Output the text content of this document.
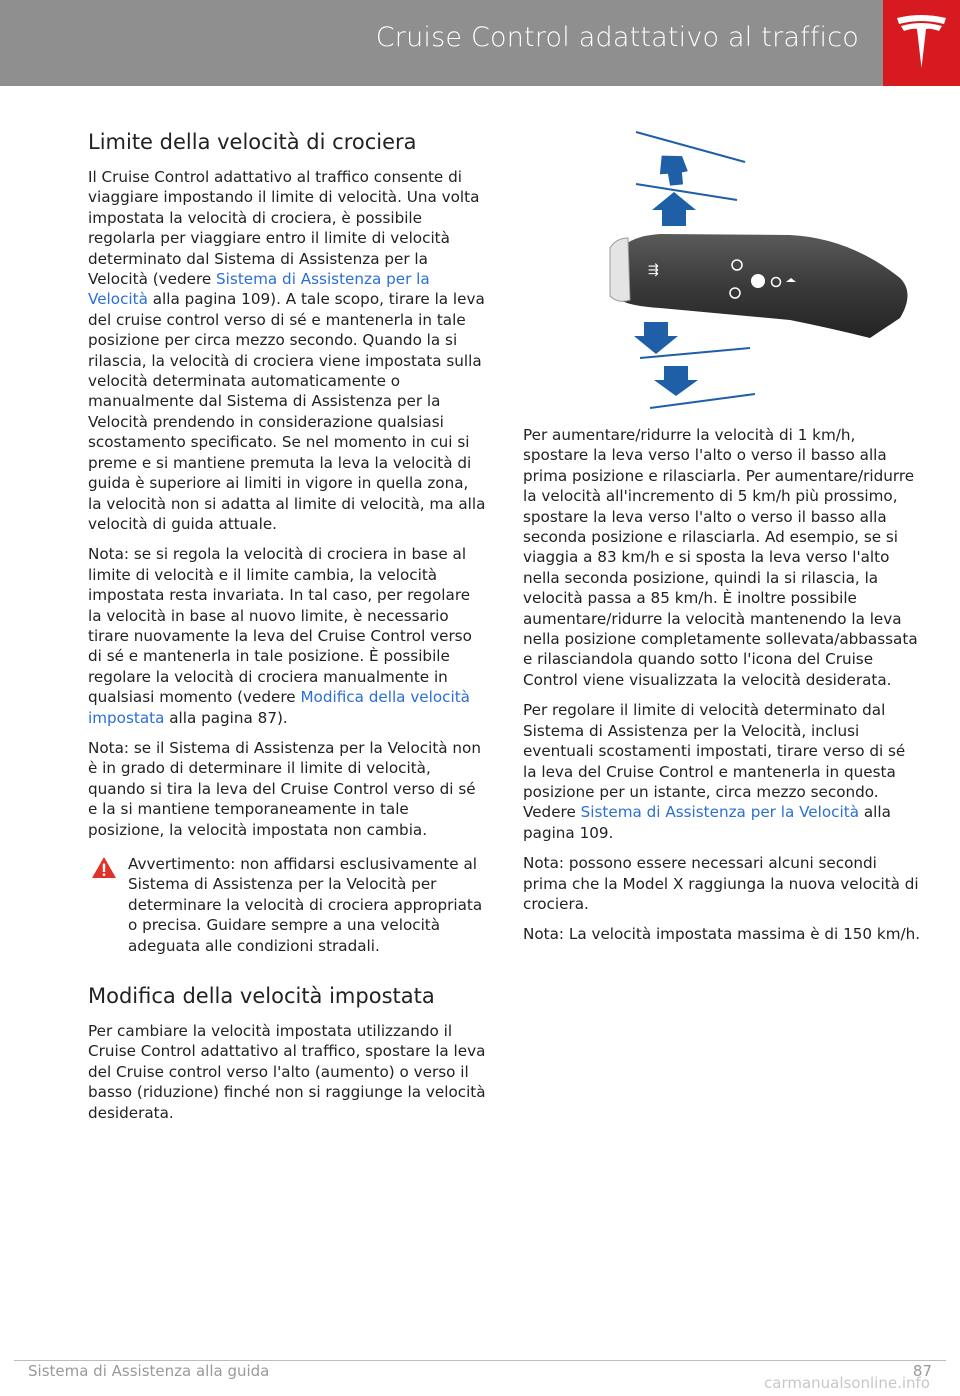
Cruise Control adattativo al traffico
Limite della velocità di crociera

Il Cruise Control adattativo al traffico consente di viaggiare impostando il limite di velocità. Una volta impostata la velocità di crociera, è possibile regolarla per viaggiare entro il limite di velocità determinato dal Sistema di Assistenza per la Velocità (vedere Sistema di Assistenza per la Velocità alla pagina 109). A tale scopo, tirare la leva del cruise control verso di sé e mantenerla in tale posizione per circa mezzo secondo. Quando la si rilascia, la velocità di crociera viene impostata sulla velocità determinata automaticamente o manualmente dal Sistema di Assistenza per la Velocità prendendo in considerazione qualsiasi scostamento specificato. Se nel momento in cui si preme e si mantiene premuta la leva la velocità di guida è superiore ai limiti in vigore in quella zona, la velocità non si adatta al limite di velocità, ma alla velocità di guida attuale.

Nota: se si regola la velocità di crociera in base al limite di velocità e il limite cambia, la velocità impostata resta invariata. In tal caso, per regolare la velocità in base al nuovo limite, è necessario tirare nuovamente la leva del Cruise Control verso di sé e mantenerla in tale posizione. È possibile regolare la velocità di crociera manualmente in qualsiasi momento (vedere Modifica della velocità impostata alla pagina 87).

Nota: se il Sistema di Assistenza per la Velocità non è in grado di determinare il limite di velocità, quando si tira la leva del Cruise Control verso di sé e la si mantiene temporaneamente in tale posizione, la velocità impostata non cambia.

Avvertimento: non affidarsi esclusivamente al Sistema di Assistenza per la Velocità per determinare la velocità di crociera appropriata o precisa. Guidare sempre a una velocità adeguata alle condizioni stradali.
Modifica della velocità impostata

Per cambiare la velocità impostata utilizzando il Cruise Control adattativo al traffico, spostare la leva del Cruise control verso l'alto (aumento) o verso il basso (riduzione) finché non si raggiunge la velocità desiderata.

⇶

Per aumentare/ridurre la velocità di 1 km/h, spostare la leva verso l'alto o verso il basso alla prima posizione e rilasciarla. Per aumentare/ridurre la velocità all'incremento di 5 km/h più prossimo, spostare la leva verso l'alto o verso il basso alla seconda posizione e rilasciarla. Ad esempio, se si viaggia a 83 km/h e si sposta la leva verso l'alto nella seconda posizione, quindi la si rilascia, la velocità passa a 85 km/h. È inoltre possibile aumentare/ridurre la velocità mantenendo la leva nella posizione completamente sollevata/abbassata e rilasciandola quando sotto l'icona del Cruise Control viene visualizzata la velocità desiderata.

Per regolare il limite di velocità determinato dal Sistema di Assistenza per la Velocità, inclusi eventuali scostamenti impostati, tirare verso di sé la leva del Cruise Control e mantenerla in questa posizione per un istante, circa mezzo secondo. Vedere Sistema di Assistenza per la Velocità alla pagina 109.

Nota: possono essere necessari alcuni secondi prima che la Model X raggiunga la nuova velocità di crociera.

Nota: La velocità impostata massima è di 150 km/h.

Sistema di Assistenza alla guida	87
carmanualsonline.info
